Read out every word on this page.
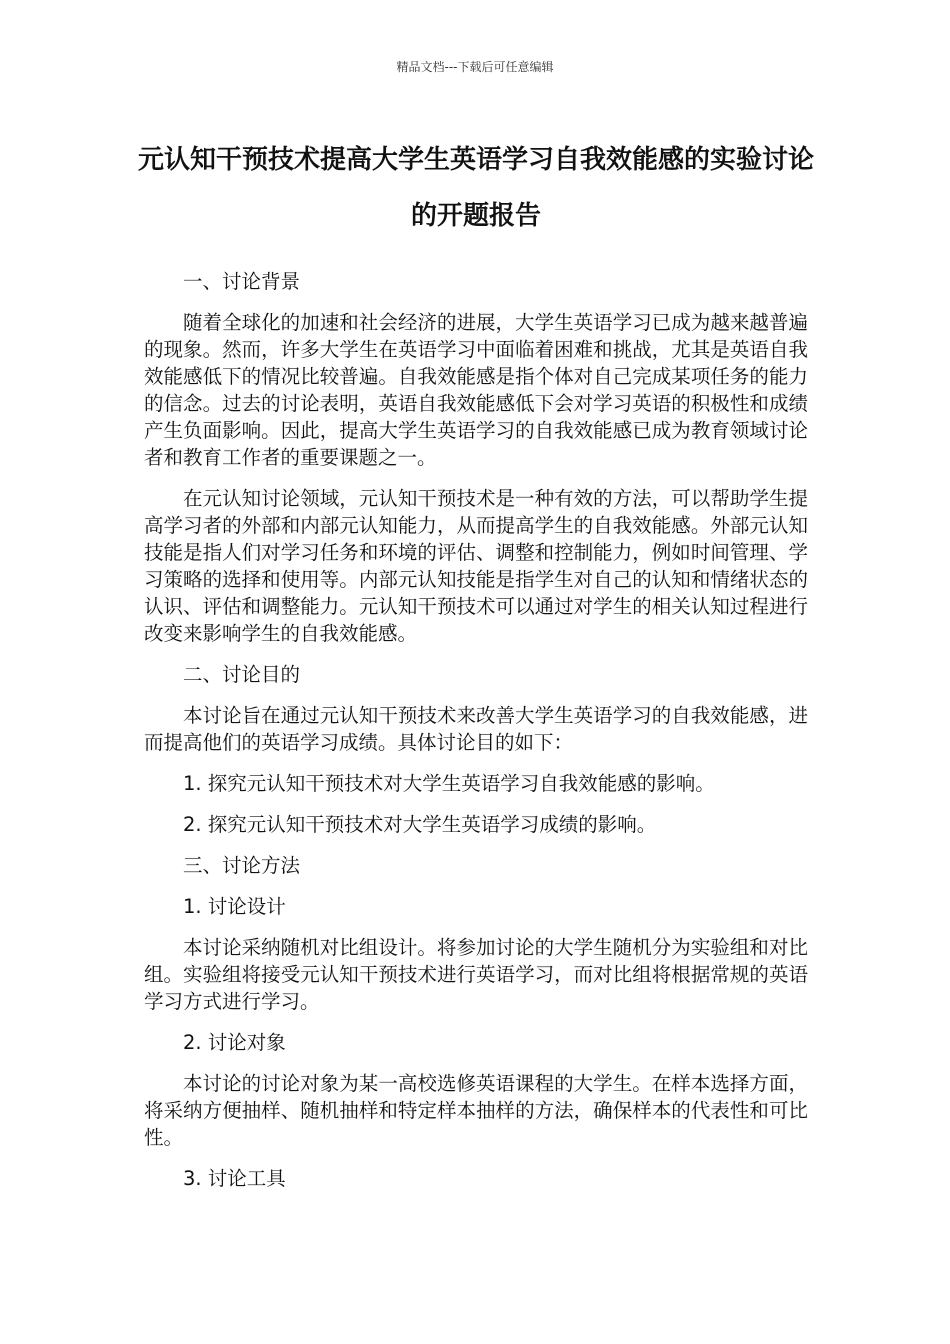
精品文档---下载后可任意编辑
元认知干预技术提高大学生英语学习自我效能感的实验讨论的开题报告
一、讨论背景

随着全球化的加速和社会经济的进展，大学生英语学习已成为越来越普遍的现象。然而，许多大学生在英语学习中面临着困难和挑战，尤其是英语自我效能感低下的情况比较普遍。自我效能感是指个体对自己完成某项任务的能力的信念。过去的讨论表明，英语自我效能感低下会对学习英语的积极性和成绩产生负面影响。因此，提高大学生英语学习的自我效能感已成为教育领域讨论者和教育工作者的重要课题之一。

在元认知讨论领域，元认知干预技术是一种有效的方法，可以帮助学生提高学习者的外部和内部元认知能力，从而提高学生的自我效能感。外部元认知技能是指人们对学习任务和环境的评估、调整和控制能力，例如时间管理、学习策略的选择和使用等。内部元认知技能是指学生对自己的认知和情绪状态的认识、评估和调整能力。元认知干预技术可以通过对学生的相关认知过程进行改变来影响学生的自我效能感。

二、讨论目的

本讨论旨在通过元认知干预技术来改善大学生英语学习的自我效能感，进而提高他们的英语学习成绩。具体讨论目的如下：

1. 探究元认知干预技术对大学生英语学习自我效能感的影响。
2. 探究元认知干预技术对大学生英语学习成绩的影响。
三、讨论方法
1. 讨论设计

本讨论采纳随机对比组设计。将参加讨论的大学生随机分为实验组和对比组。实验组将接受元认知干预技术进行英语学习，而对比组将根据常规的英语学习方式进行学习。

2. 讨论对象

本讨论的讨论对象为某一高校选修英语课程的大学生。在样本选择方面，将采纳方便抽样、随机抽样和特定样本抽样的方法，确保样本的代表性和可比性。

3. 讨论工具
